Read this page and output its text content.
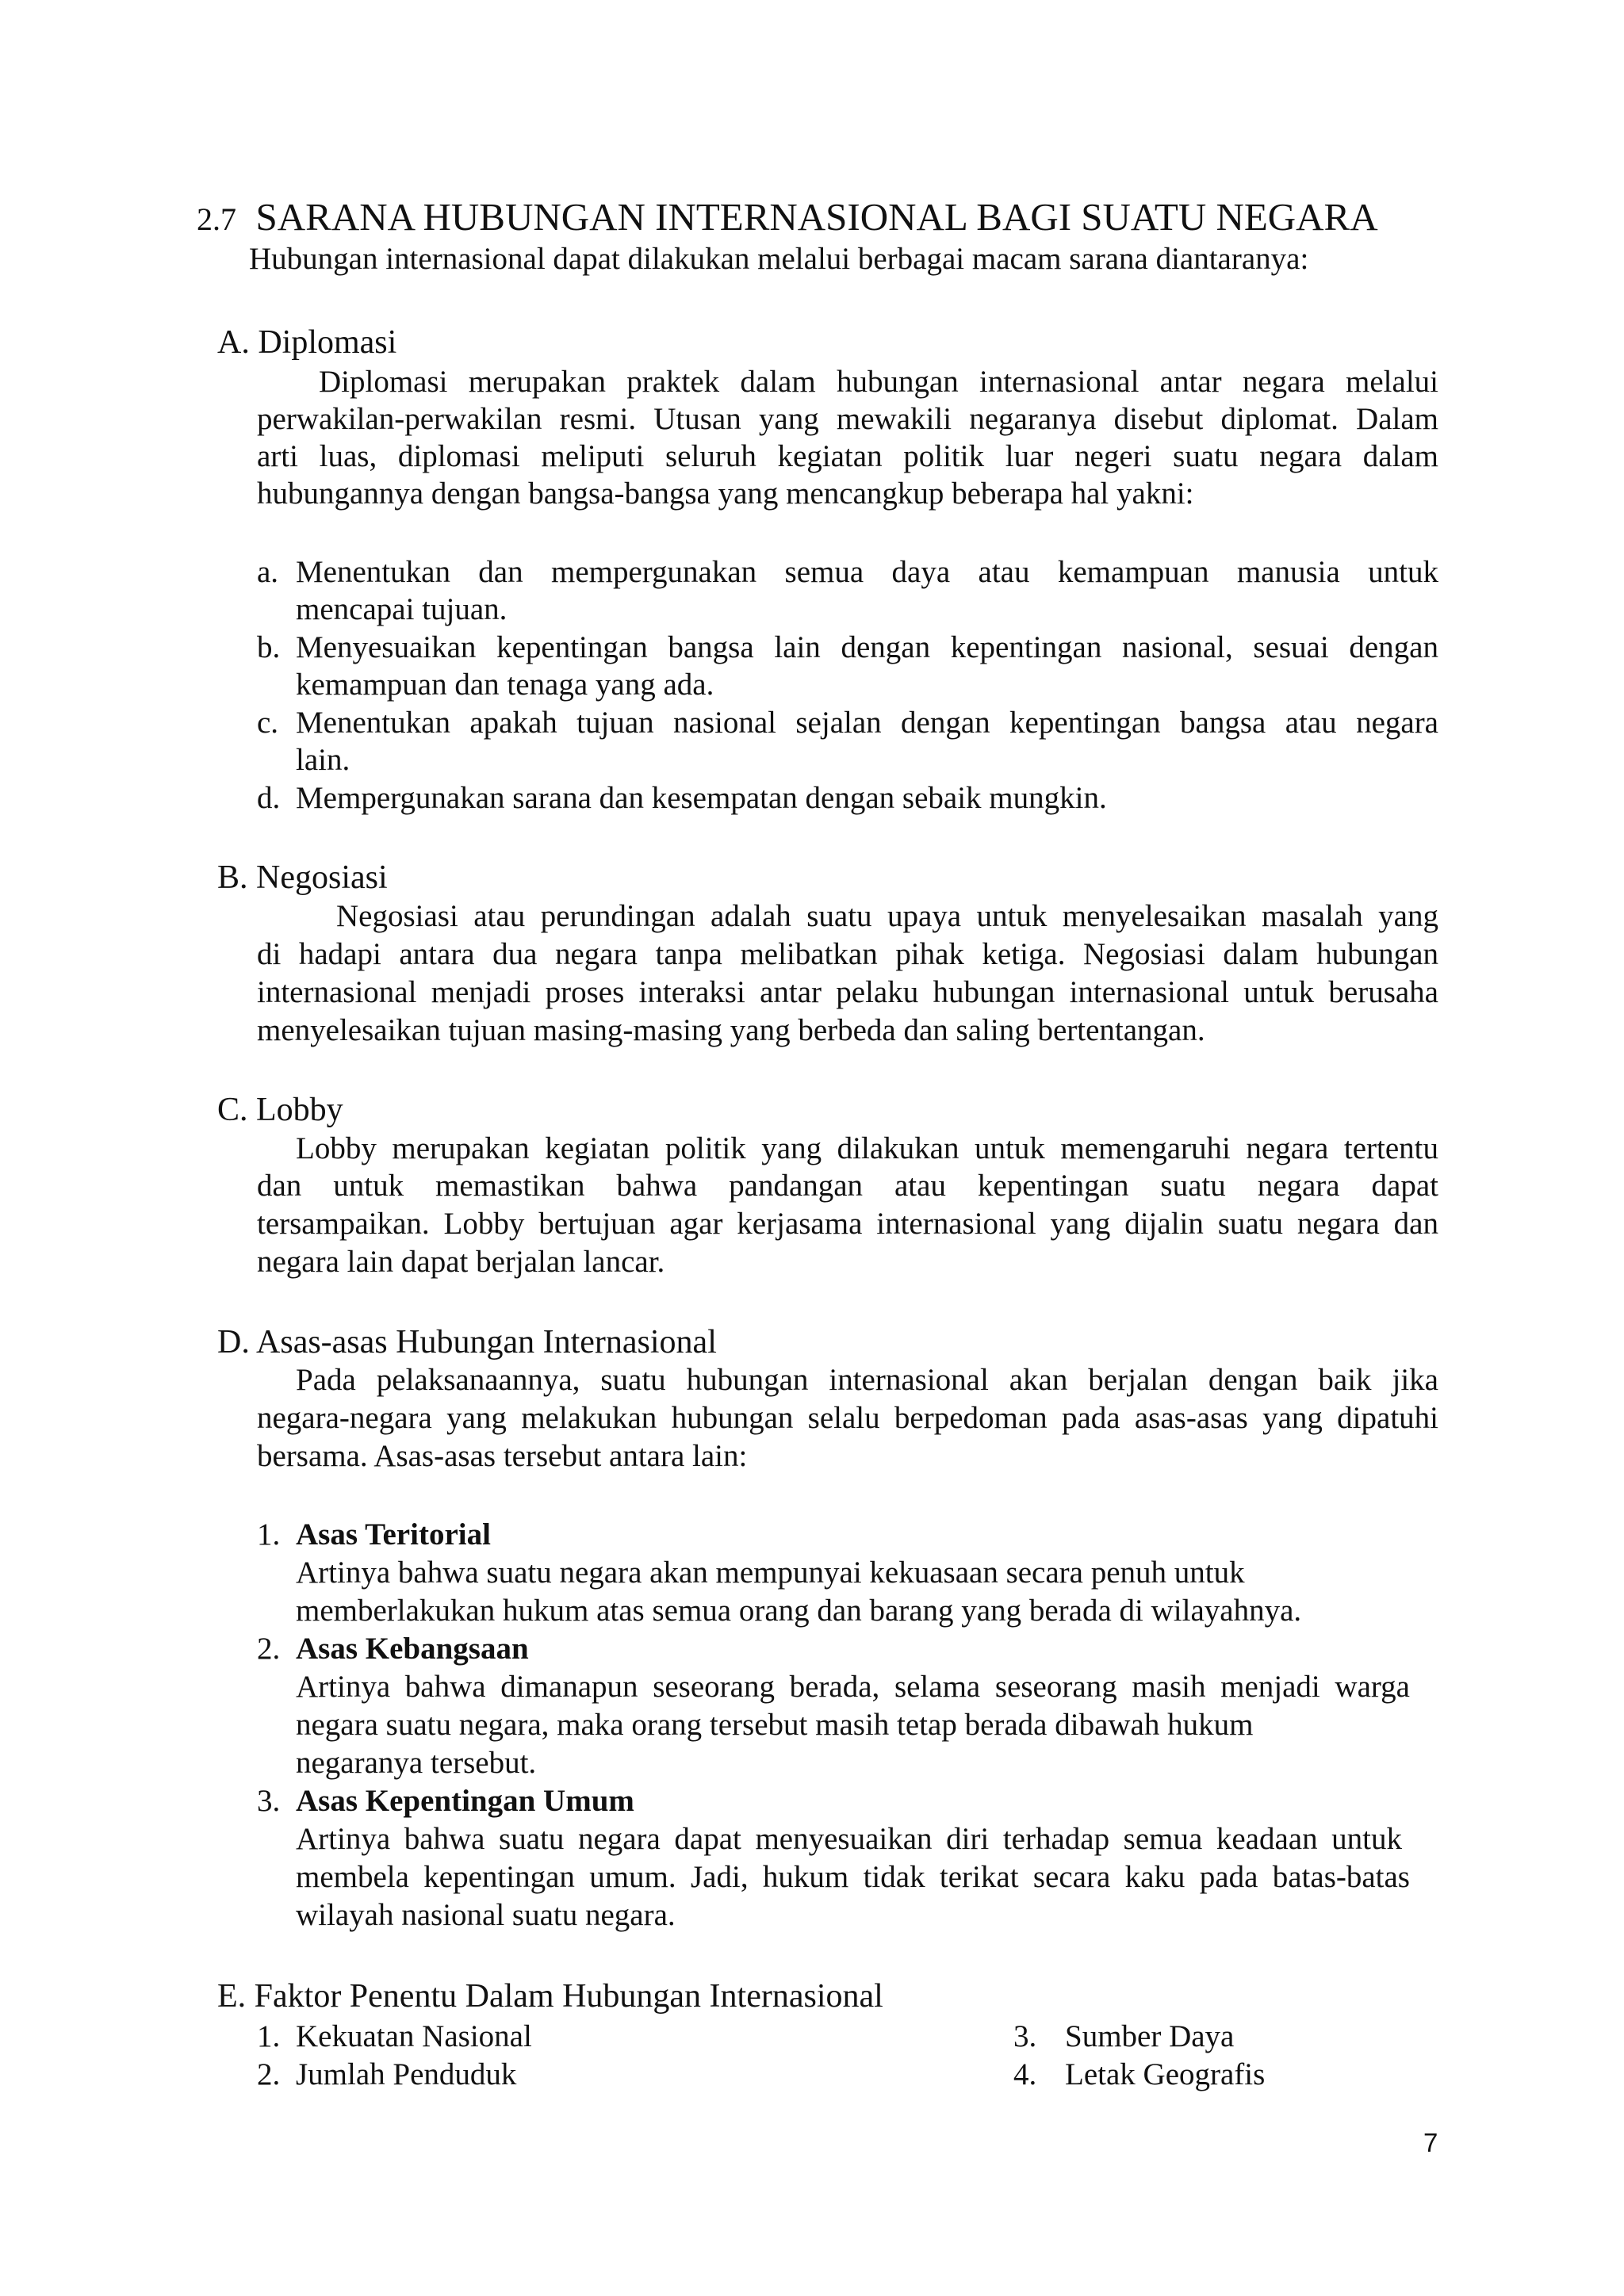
2.7 SARANA HUBUNGAN INTERNASIONAL BAGI SUATU NEGARA
Hubungan internasional dapat dilakukan melalui berbagai macam sarana diantaranya:
A. Diplomasi
Diplomasi merupakan praktek dalam hubungan internasional antar negara melalui
perwakilan-perwakilan resmi. Utusan yang mewakili negaranya disebut diplomat. Dalam
arti luas, diplomasi meliputi seluruh kegiatan politik luar negeri suatu negara dalam
hubungannya dengan bangsa-bangsa yang mencangkup beberapa hal yakni:
a. Menentukan dan mempergunakan semua daya atau kemampuan manusia untuk
mencapai tujuan.
b. Menyesuaikan kepentingan bangsa lain dengan kepentingan nasional, sesuai dengan
kemampuan dan tenaga yang ada.
c. Menentukan apakah tujuan nasional sejalan dengan kepentingan bangsa atau negara
lain.
d. Mempergunakan sarana dan kesempatan dengan sebaik mungkin.
B. Negosiasi
Negosiasi atau perundingan adalah suatu upaya untuk menyelesaikan masalah yang
di hadapi antara dua negara tanpa melibatkan pihak ketiga. Negosiasi dalam hubungan
internasional menjadi proses interaksi antar pelaku hubungan internasional untuk berusaha
menyelesaikan tujuan masing-masing yang berbeda dan saling bertentangan.
C. Lobby
Lobby merupakan kegiatan politik yang dilakukan untuk memengaruhi negara tertentu
dan untuk memastikan bahwa pandangan atau kepentingan suatu negara dapat
tersampaikan. Lobby bertujuan agar kerjasama internasional yang dijalin suatu negara dan
negara lain dapat berjalan lancar.
D. Asas-asas Hubungan Internasional
Pada pelaksanaannya, suatu hubungan internasional akan berjalan dengan baik jika
negara-negara yang melakukan hubungan selalu berpedoman pada asas-asas yang dipatuhi
bersama. Asas-asas tersebut antara lain:
1. Asas Teritorial
Artinya bahwa suatu negara akan mempunyai kekuasaan secara penuh untuk
memberlakukan hukum atas semua orang dan barang yang berada di wilayahnya.
2. Asas Kebangsaan
Artinya bahwa dimanapun seseorang berada, selama seseorang masih menjadi warga
negara suatu negara, maka orang tersebut masih tetap berada dibawah hukum
negaranya tersebut.
3. Asas Kepentingan Umum
Artinya bahwa suatu negara dapat menyesuaikan diri terhadap semua keadaan untuk
membela kepentingan umum. Jadi, hukum tidak terikat secara kaku pada batas-batas
wilayah nasional suatu negara.
E. Faktor Penentu Dalam Hubungan Internasional
1. Kekuatan Nasional
2. Jumlah Penduduk
3. Sumber Daya
4. Letak Geografis
7
